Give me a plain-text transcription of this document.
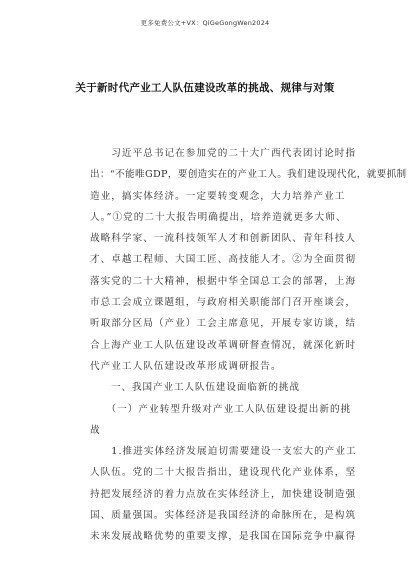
更多免费公文+VX：QiGeGongWen2024
关于新时代产业工人队伍建设改革的挑战、规律与对策
　　习近平总书记在参加党的二十大广西代表团讨论时指
出：“不能唯GDP，要创造实在的产业工人。我们建设现代化，就要抓制
造业，搞实体经济。一定要转变观念，大力培养产业工
人。”①党的二十大报告明确提出，培养造就更多大师、
战略科学家、一流科技领军人才和创新团队、青年科技人
才、卓越工程师、大国工匠、高技能人才。②为全面贯彻
落实党的二十大精神，根据中华全国总工会的部署，上海
市总工会成立课题组，与政府相关职能部门召开座谈会，
听取部分区局（产业）工会主席意见，开展专家访谈，结
合上海产业工人队伍建设改革调研督查情况，就深化新时
代产业工人队伍建设改革形成调研报告。
　　一、我国产业工人队伍建设面临新的挑战
　　（一）产业转型升级对产业工人队伍建设提出新的挑
战
　　1.推进实体经济发展迫切需要建设一支宏大的产业工
人队伍。党的二十大报告指出，建设现代化产业体系，坚
持把发展经济的着力点放在实体经济上，加快建设制造强
国、质量强国。实体经济是我国经济的命脉所在，是构筑
未来发展战略优势的重要支撑，是我国在国际竞争中赢得
